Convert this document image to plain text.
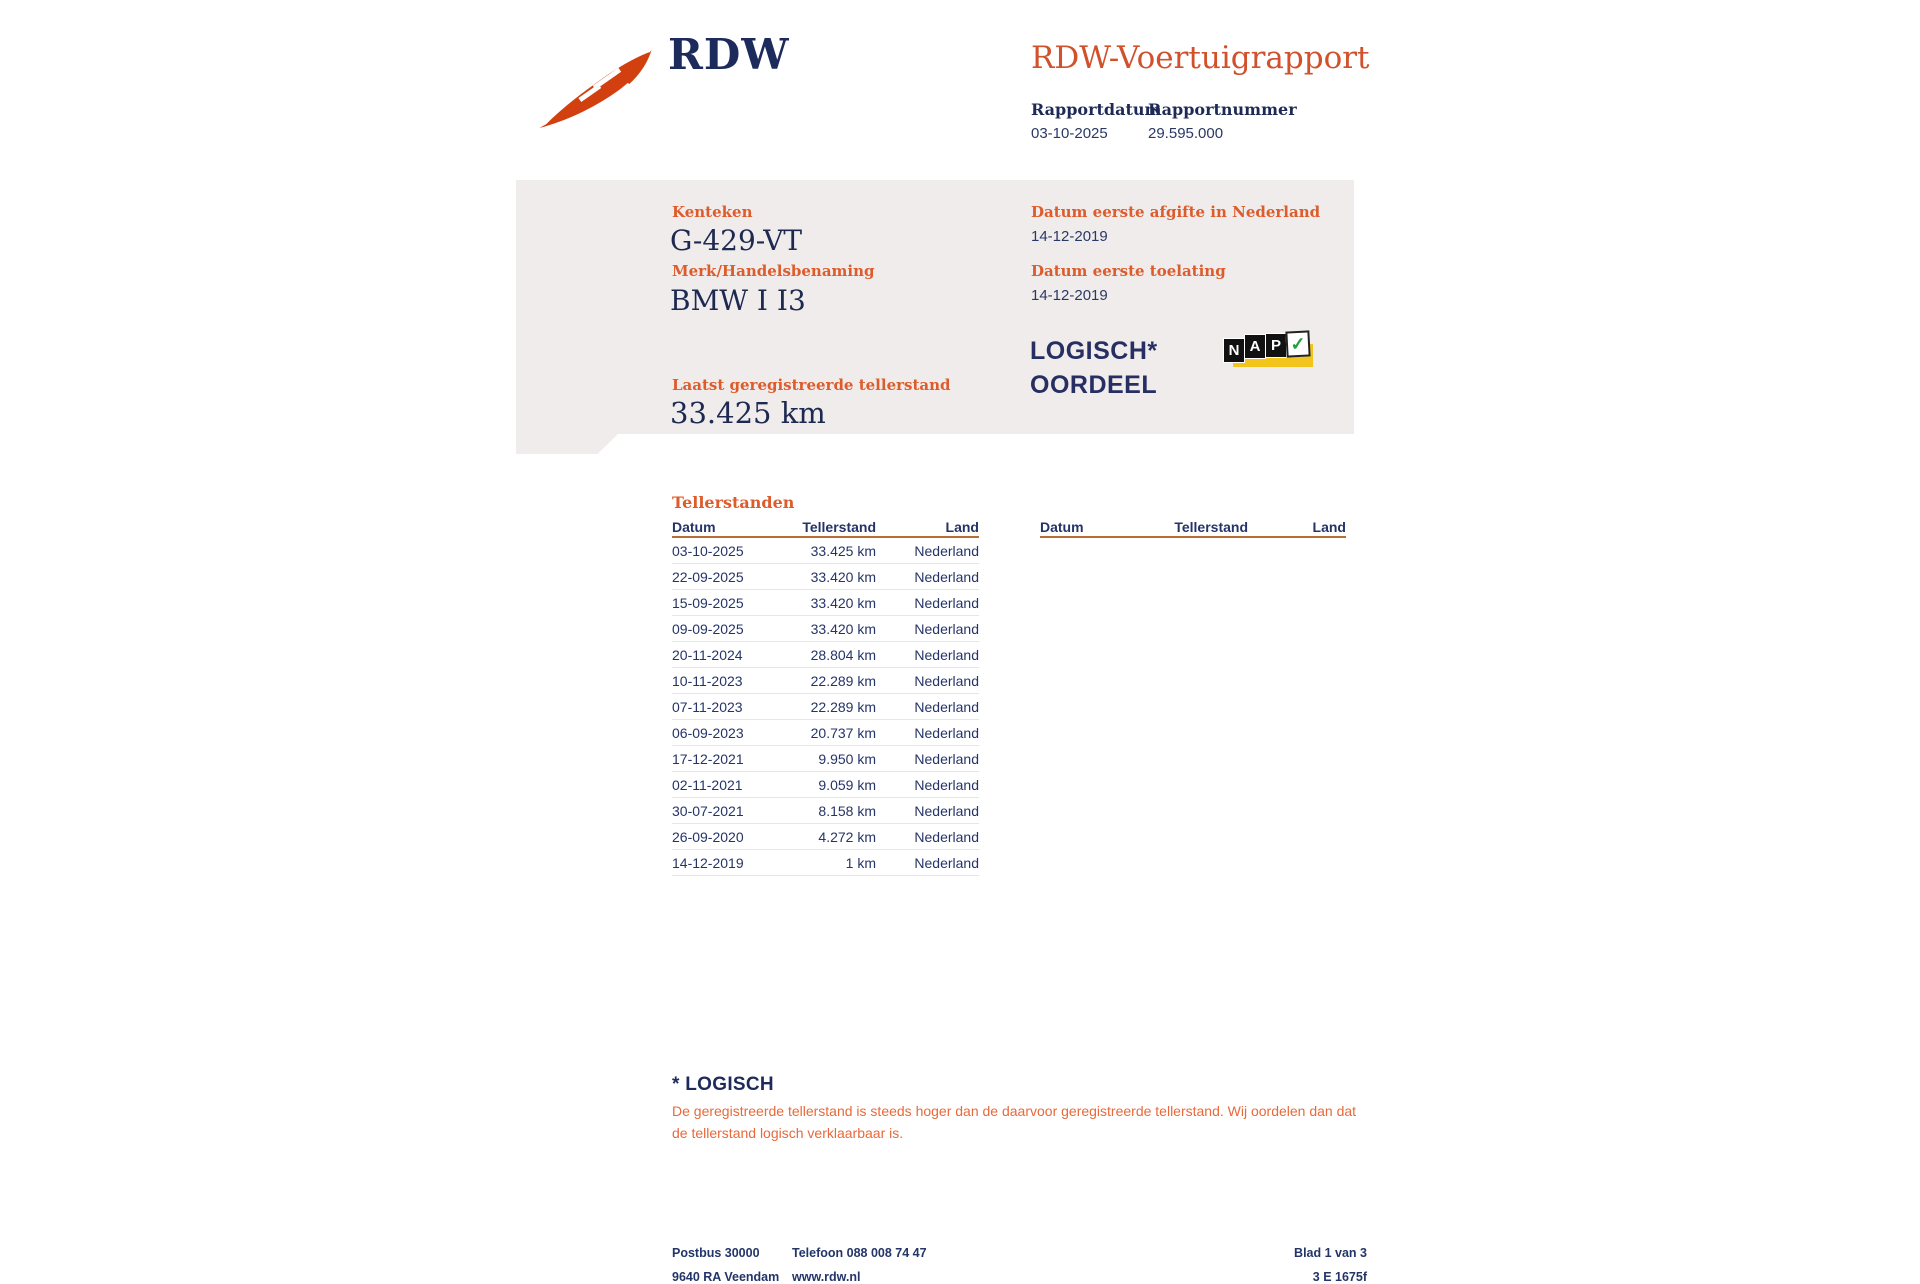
RDW	RDW-Voertuigrapport
Rapportdatum
03-10-2025
Rapportnummer
29.595.000
Kenteken
G-429-VT
Merk/Handelsbenaming
BMW I I3
Laatst geregistreerde tellerstand
33.425 km
Datum eerste afgifte in Nederland
14-12-2019
Datum eerste toelating
14-12-2019
LOGISCH*
OORDEEL
N A P ✓
Tellerstanden
Datum	Tellerstand	Land
03-10-2025	33.425 km	Nederland
22-09-2025	33.420 km	Nederland
15-09-2025	33.420 km	Nederland
09-09-2025	33.420 km	Nederland
20-11-2024	28.804 km	Nederland
10-11-2023	22.289 km	Nederland
07-11-2023	22.289 km	Nederland
06-09-2023	20.737 km	Nederland
17-12-2021	9.950 km	Nederland
02-11-2021	9.059 km	Nederland
30-07-2021	8.158 km	Nederland
26-09-2020	4.272 km	Nederland
14-12-2019	1 km	Nederland
Datum	Tellerstand	Land
* LOGISCH
De geregistreerde tellerstand is steeds hoger dan de daarvoor geregistreerde tellerstand. Wij oordelen dan dat de tellerstand logisch verklaarbaar is.
Postbus 30000
9640 RA Veendam
Telefoon 088 008 74 47
www.rdw.nl
Blad 1 van 3
3 E 1675f
